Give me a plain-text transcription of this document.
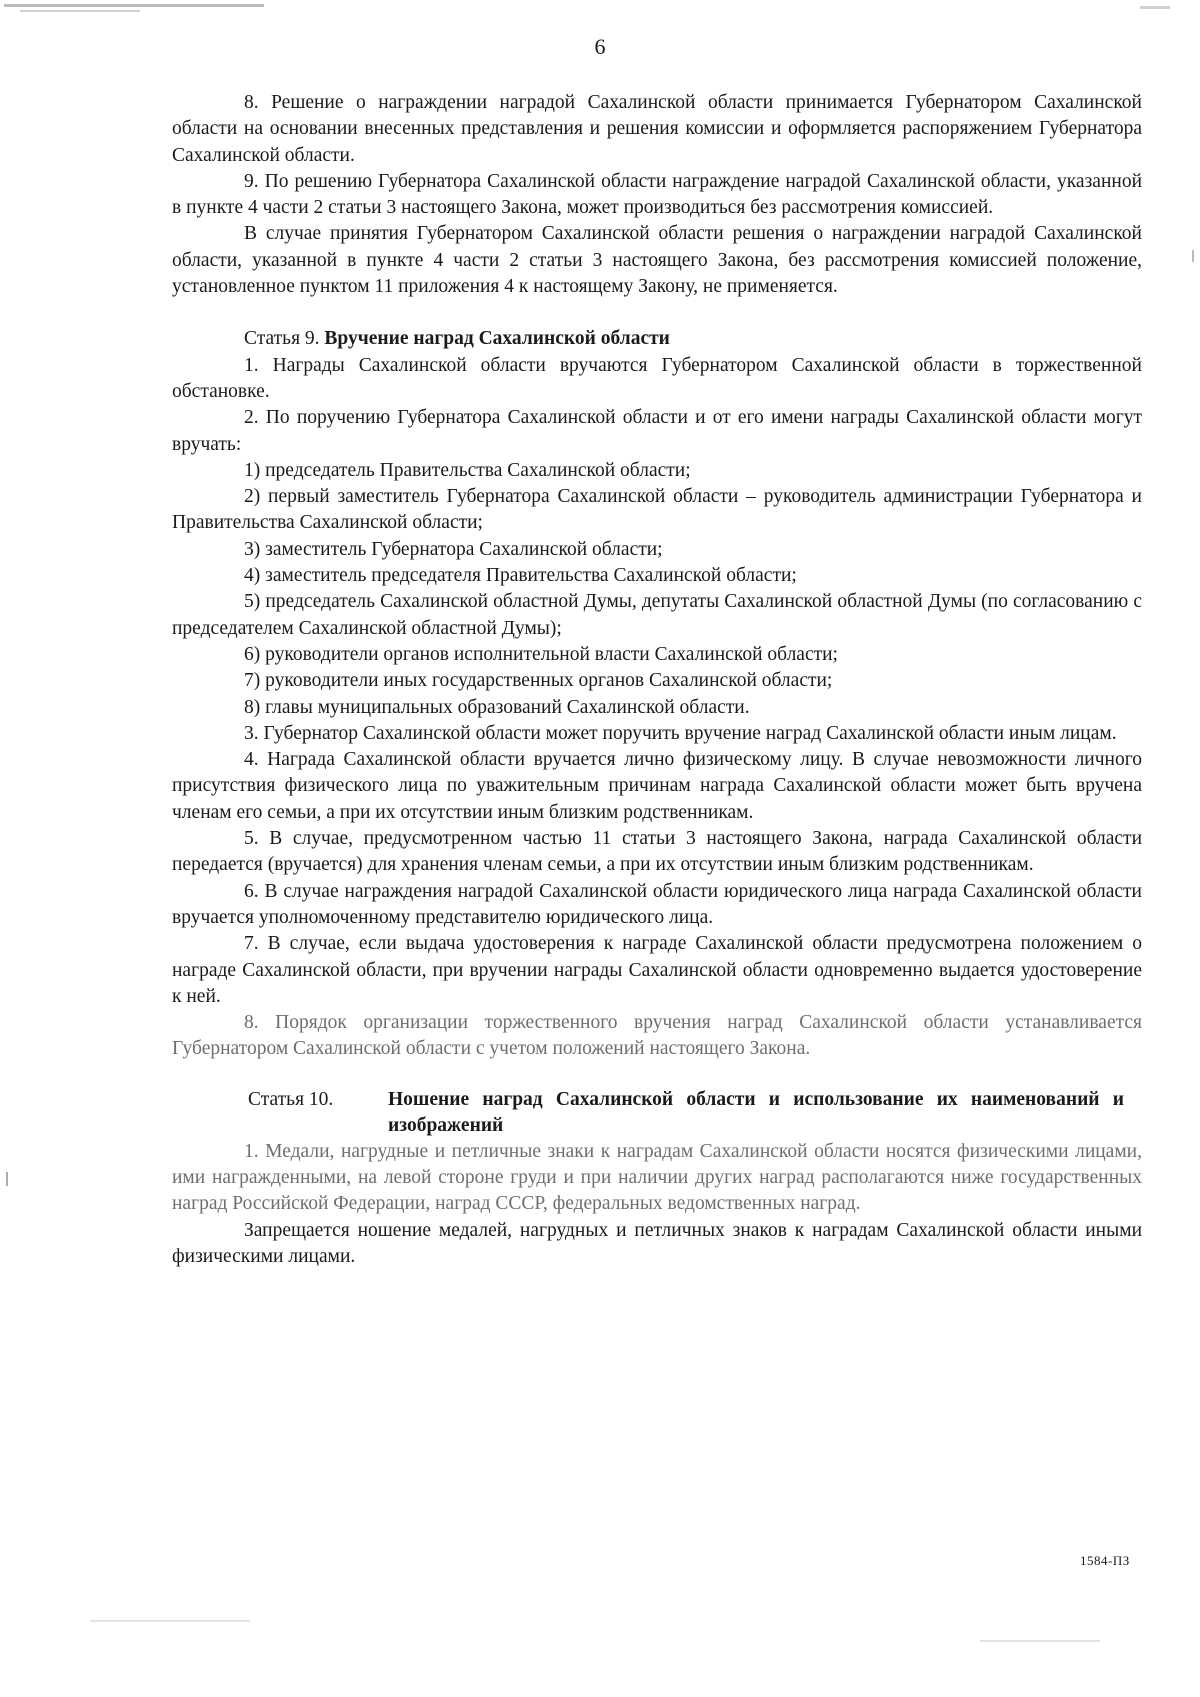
6

8. Решение о награждении наградой Сахалинской области принимается Губернатором Сахалинской области на основании внесенных представления и решения комиссии и оформляется распоряжением Губернатора Сахалинской области.

9. По решению Губернатора Сахалинской области награждение наградой Сахалинской области, указанной в пункте 4 части 2 статьи 3 настоящего Закона, может производиться без рассмотрения комиссией.

В случае принятия Губернатором Сахалинской области решения о награждении наградой Сахалинской области, указанной в пункте 4 части 2 статьи 3 настоящего Закона, без рассмотрения комиссией положение, установленное пунктом 11 приложения 4 к настоящему Закону, не применяется.

Статья 9. Вручение наград Сахалинской области

1. Награды Сахалинской области вручаются Губернатором Сахалинской области в торжественной обстановке.

2. По поручению Губернатора Сахалинской области и от его имени награды Сахалинской области могут вручать:

1) председатель Правительства Сахалинской области;

2) первый заместитель Губернатора Сахалинской области – руководитель администрации Губернатора и Правительства Сахалинской области;

3) заместитель Губернатора Сахалинской области;

4) заместитель председателя Правительства Сахалинской области;

5) председатель Сахалинской областной Думы, депутаты Сахалинской областной Думы (по согласованию с председателем Сахалинской областной Думы);

6) руководители органов исполнительной власти Сахалинской области;

7) руководители иных государственных органов Сахалинской области;

8) главы муниципальных образований Сахалинской области.

3. Губернатор Сахалинской области может поручить вручение наград Сахалинской области иным лицам.

4. Награда Сахалинской области вручается лично физическому лицу. В случае невозможности личного присутствия физического лица по уважительным причинам награда Сахалинской области может быть вручена членам его семьи, а при их отсутствии иным близким родственникам.

5. В случае, предусмотренном частью 11 статьи 3 настоящего Закона, награда Сахалинской области передается (вручается) для хранения членам семьи, а при их отсутствии иным близким родственникам.

6. В случае награждения наградой Сахалинской области юридического лица награда Сахалинской области вручается уполномоченному представителю юридического лица.

7. В случае, если выдача удостоверения к награде Сахалинской области предусмотрена положением о награде Сахалинской области, при вручении награды Сахалинской области одновременно выдается удостоверение к ней.

8. Порядок организации торжественного вручения наград Сахалинской области устанавливается Губернатором Сахалинской области с учетом положений настоящего Закона.

Статья 10.	Ношение наград Сахалинской области и использование их наименований и изображений

1. Медали, нагрудные и петличные знаки к наградам Сахалинской области носятся физическими лицами, ими награжденными, на левой стороне груди и при наличии других наград располагаются ниже государственных наград Российской Федерации, наград СССР, федеральных ведомственных наград.

Запрещается ношение медалей, нагрудных и петличных знаков к наградам Сахалинской области иными физическими лицами.

1584-ПЗ
